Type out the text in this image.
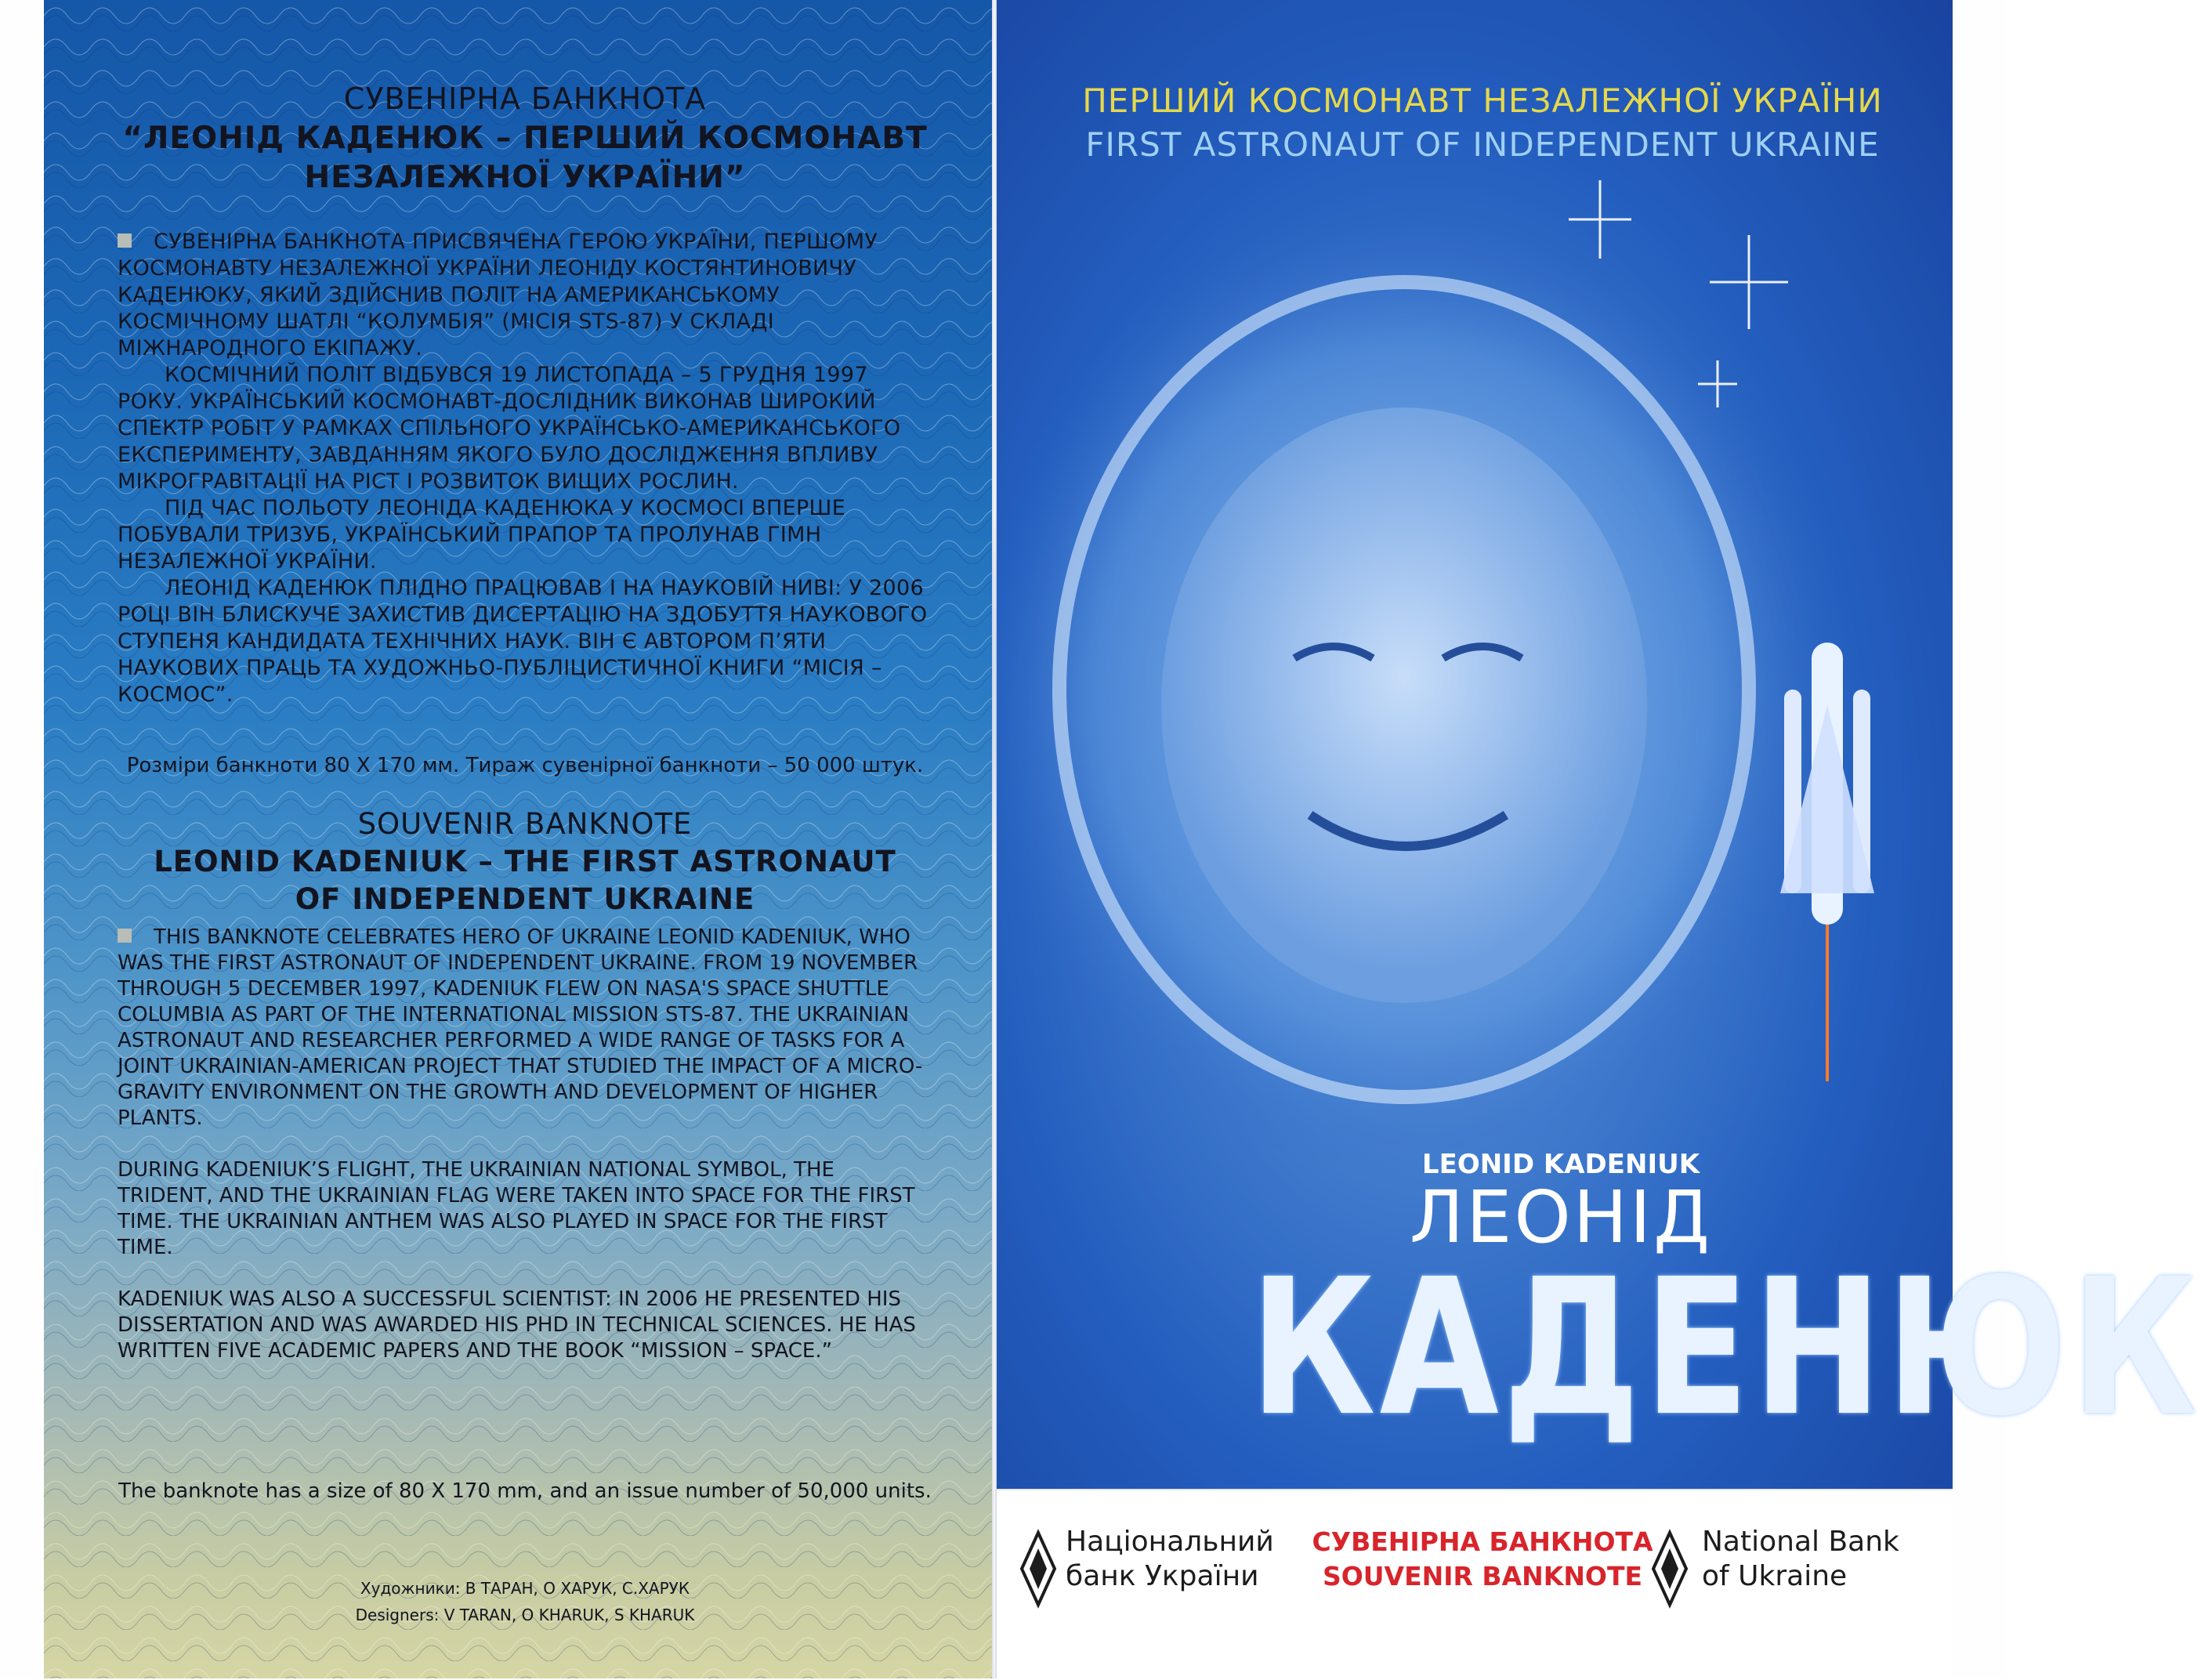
СУВЕНІРНА БАНКНОТА
“ЛЕОНІД КАДЕНЮК – ПЕРШИЙ КОСМОНАВТ
НЕЗАЛЕЖНОЇ УКРАЇНИ”

СУВЕНІРНА БАНКНОТА ПРИСВЯЧЕНА ГЕРОЮ УКРАЇНИ, ПЕРШОМУ КОСМОНАВТУ НЕЗАЛЕЖНОЇ УКРАЇНИ ЛЕОНІДУ КОСТЯНТИНОВИЧУ КАДЕНЮКУ, ЯКИЙ ЗДІЙСНИВ ПОЛІТ НА АМЕРИКАНСЬКОМУ КОСМІЧНОМУ ШАТЛІ “КОЛУМБІЯ” (МІСІЯ STS-87) У СКЛАДІ МІЖНАРОДНОГО ЕКІПАЖУ.

КОСМІЧНИЙ ПОЛІТ ВІДБУВСЯ 19 ЛИСТОПАДА – 5 ГРУДНЯ 1997 РОКУ. УКРАЇНСЬКИЙ КОСМОНАВТ-ДОСЛІДНИК ВИКОНАВ ШИРОКИЙ СПЕКТР РОБІТ У РАМКАХ СПІЛЬНОГО УКРАЇНСЬКО-АМЕРИКАНСЬКОГО ЕКСПЕРИМЕНТУ, ЗАВДАННЯМ ЯКОГО БУЛО ДОСЛІДЖЕННЯ ВПЛИВУ МІКРОГРАВІТАЦІЇ НА РІСТ І РОЗВИТОК ВИЩИХ РОСЛИН.

ПІД ЧАС ПОЛЬОТУ ЛЕОНІДА КАДЕНЮКА У КОСМОСІ ВПЕРШЕ ПОБУВАЛИ ТРИЗУБ, УКРАЇНСЬКИЙ ПРАПОР ТА ПРОЛУНАВ ГІМН НЕЗАЛЕЖНОЇ УКРАЇНИ.

ЛЕОНІД КАДЕНЮК ПЛІДНО ПРАЦЮВАВ І НА НАУКОВІЙ НИВІ: У 2006 РОЦІ ВІН БЛИСКУЧЕ ЗАХИСТИВ ДИСЕРТАЦІЮ НА ЗДОБУТТЯ НАУКОВОГО СТУПЕНЯ КАНДИДАТА ТЕХНІЧНИХ НАУК. ВІН Є АВТОРОМ П’ЯТИ НАУКОВИХ ПРАЦЬ ТА ХУДОЖНЬО-ПУБЛІЦИСТИЧНОЇ КНИГИ “МІСІЯ – КОСМОС”.

Розміри банкноти 80 Х 170 мм. Тираж сувенірної банкноти – 50 000 штук.
SOUVENIR BANKNOTE
LEONID KADENIUK – THE FIRST ASTRONAUT
OF INDEPENDENT UKRAINE

THIS BANKNOTE CELEBRATES HERO OF UKRAINE LEONID KADENIUK, WHO WAS THE FIRST ASTRONAUT OF INDEPENDENT UKRAINE. FROM 19 NOVEMBER THROUGH 5 DECEMBER 1997, KADENIUK FLEW ON NASA'S SPACE SHUTTLE COLUMBIA AS PART OF THE INTERNATIONAL MISSION STS-87. THE UKRAINIAN ASTRONAUT AND RESEARCHER PERFORMED A WIDE RANGE OF TASKS FOR A JOINT UKRAINIAN-AMERICAN PROJECT THAT STUDIED THE IMPACT OF A MICRO-GRAVITY ENVIRONMENT ON THE GROWTH AND DEVELOPMENT OF HIGHER PLANTS.

DURING KADENIUK’S FLIGHT, THE UKRAINIAN NATIONAL SYMBOL, THE TRIDENT, AND THE UKRAINIAN FLAG WERE TAKEN INTO SPACE FOR THE FIRST TIME. THE UKRAINIAN ANTHEM WAS ALSO PLAYED IN SPACE FOR THE FIRST TIME.

KADENIUK WAS ALSO A SUCCESSFUL SCIENTIST: IN 2006 HE PRESENTED HIS DISSERTATION AND WAS AWARDED HIS PHD IN TECHNICAL SCIENCES. HE HAS WRITTEN FIVE ACADEMIC PAPERS AND THE BOOK “MISSION – SPACE.”

The banknote has a size of 80 X 170 mm, and an issue number of 50,000 units.
Художники: В ТАРАН, О ХАРУК, С.ХАРУК
Designers: V TARAN, O KHARUK, S KHARUK
ПЕРШИЙ КОСМОНАВТ НЕЗАЛЕЖНОЇ УКРАЇНИ
FIRST ASTRONAUT OF INDEPENDENT UKRAINE
LEONID KADENIUK
ЛЕОНІД
КАДЕНЮК
Національний
банк України
СУВЕНІРНА БАНКНОТА
SOUVENIR BANKNOTE
National Bank
of Ukraine
